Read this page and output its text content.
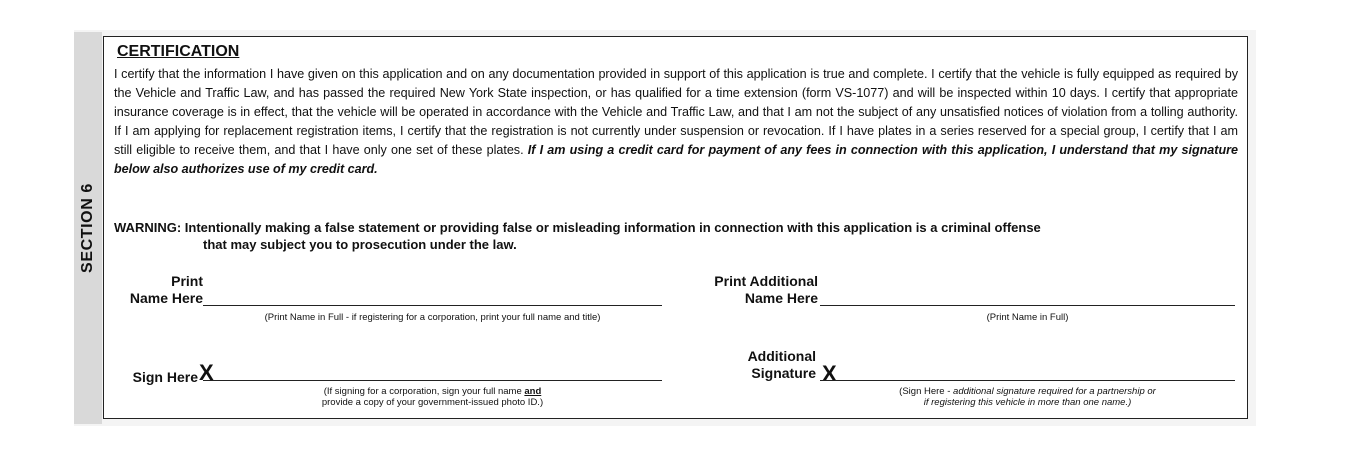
SECTION 6
CERTIFICATION
I certify that the information I have given on this application and on any documentation provided in support of this application is true and complete. I certify that the vehicle is fully equipped as required by the Vehicle and Traffic Law, and has passed the required New York State inspection, or has qualified for a time extension (form VS-1077) and will be inspected within 10 days. I certify that appropriate insurance coverage is in effect, that the vehicle will be operated in accordance with the Vehicle and Traffic Law, and that I am not the subject of any unsatisfied notices of violation from a tolling authority. If I am applying for replacement registration items, I certify that the registration is not currently under suspension or revocation. If I have plates in a series reserved for a special group, I certify that I am still eligible to receive them, and that I have only one set of these plates. If I am using a credit card for payment of any fees in connection with this application, I understand that my signature below also authorizes use of my credit card.
WARNING: Intentionally making a false statement or providing false or misleading information in connection with this application is a criminal offense
that may subject you to prosecution under the law.
Print
Name Here
(Print Name in Full - if registering for a corporation, print your full name and title)
Print Additional
Name Here
(Print Name in Full)
Sign Here X
(If signing for a corporation, sign your full name and
provide a copy of your government-issued photo ID.)
Additional
Signature X
(Sign Here - additional signature required for a partnership or
if registering this vehicle in more than one name.)
